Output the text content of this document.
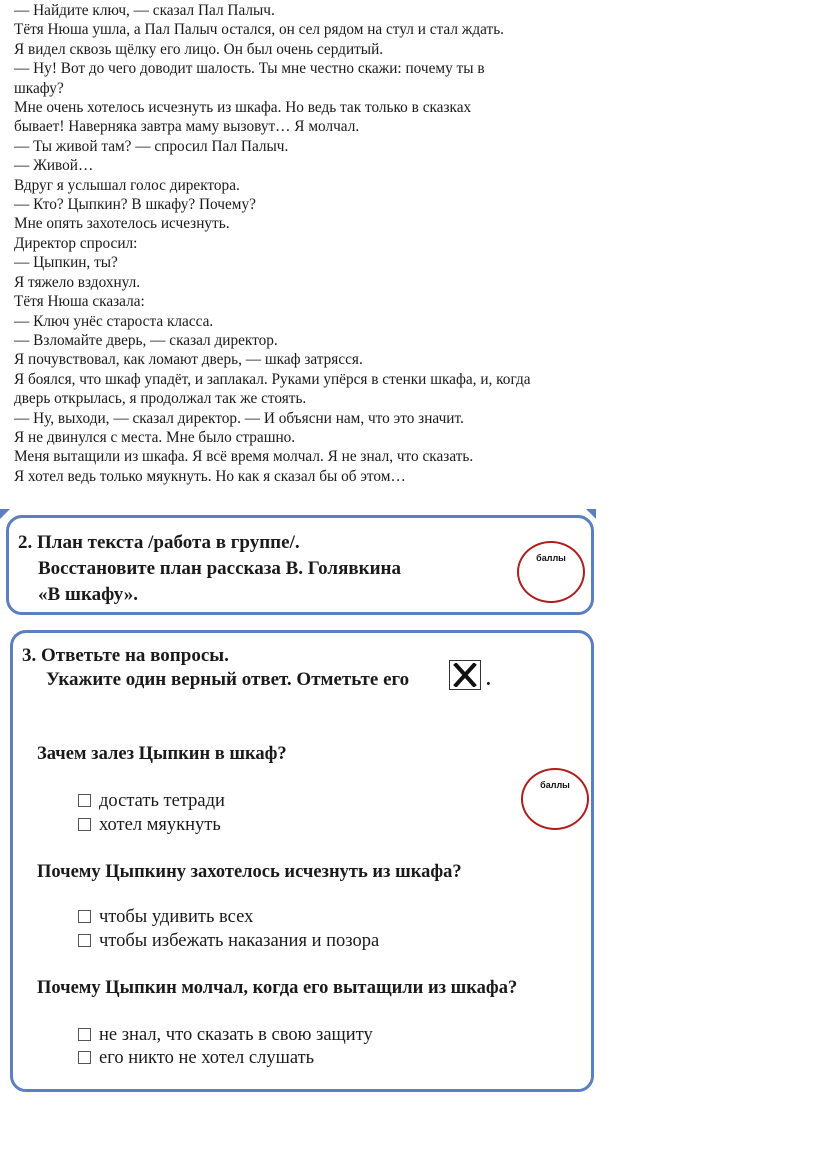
— Найдите ключ, — сказал Пал Палыч.
Тётя Нюша ушла, а Пал Палыч остался, он сел рядом на стул и стал ждать.
Я видел сквозь щёлку его лицо. Он был очень сердитый.
— Ну! Вот до чего доводит шалость. Ты мне честно скажи: почему ты в
шкафу?
Мне очень хотелось исчезнуть из шкафа. Но ведь так только в сказках
бывает! Наверняка завтра маму вызовут… Я молчал.
— Ты живой там? — спросил Пал Палыч.
— Живой…
Вдруг я услышал голос директора.
— Кто? Цыпкин? В шкафу? Почему?
Мне опять захотелось исчезнуть.
Директор спросил:
— Цыпкин, ты?
Я тяжело вздохнул.
Тётя Нюша сказала:
— Ключ унёс староста класса.
— Взломайте дверь, — сказал директор.
Я почувствовал, как ломают дверь, — шкаф затрясся.
Я боялся, что шкаф упадёт, и заплакал. Руками упёрся в стенки шкафа, и, когда
дверь открылась, я продолжал так же стоять.
— Ну, выходи, — сказал директор. — И объясни нам, что это значит.
Я не двинулся с места. Мне было страшно.
Меня вытащили из шкафа. Я всё время молчал. Я не знал, что сказать.
Я хотел ведь только мяукнуть. Но как я сказал бы об этом…
2. План текста /работа в группе/.
Восстановите план рассказа В. Голявкина
«В шкафу».
баллы
3. Ответьте на вопросы.
Укажите один верный ответ. Отметьте его	.
баллы
Зачем залез Цыпкин в шкаф?
достать тетради
хотел мяукнуть
Почему Цыпкину захотелось исчезнуть из шкафа?
чтобы удивить всех
чтобы избежать наказания и позора
Почему Цыпкин молчал, когда его вытащили из шкафа?
не знал, что сказать в свою защиту
его никто не хотел слушать
